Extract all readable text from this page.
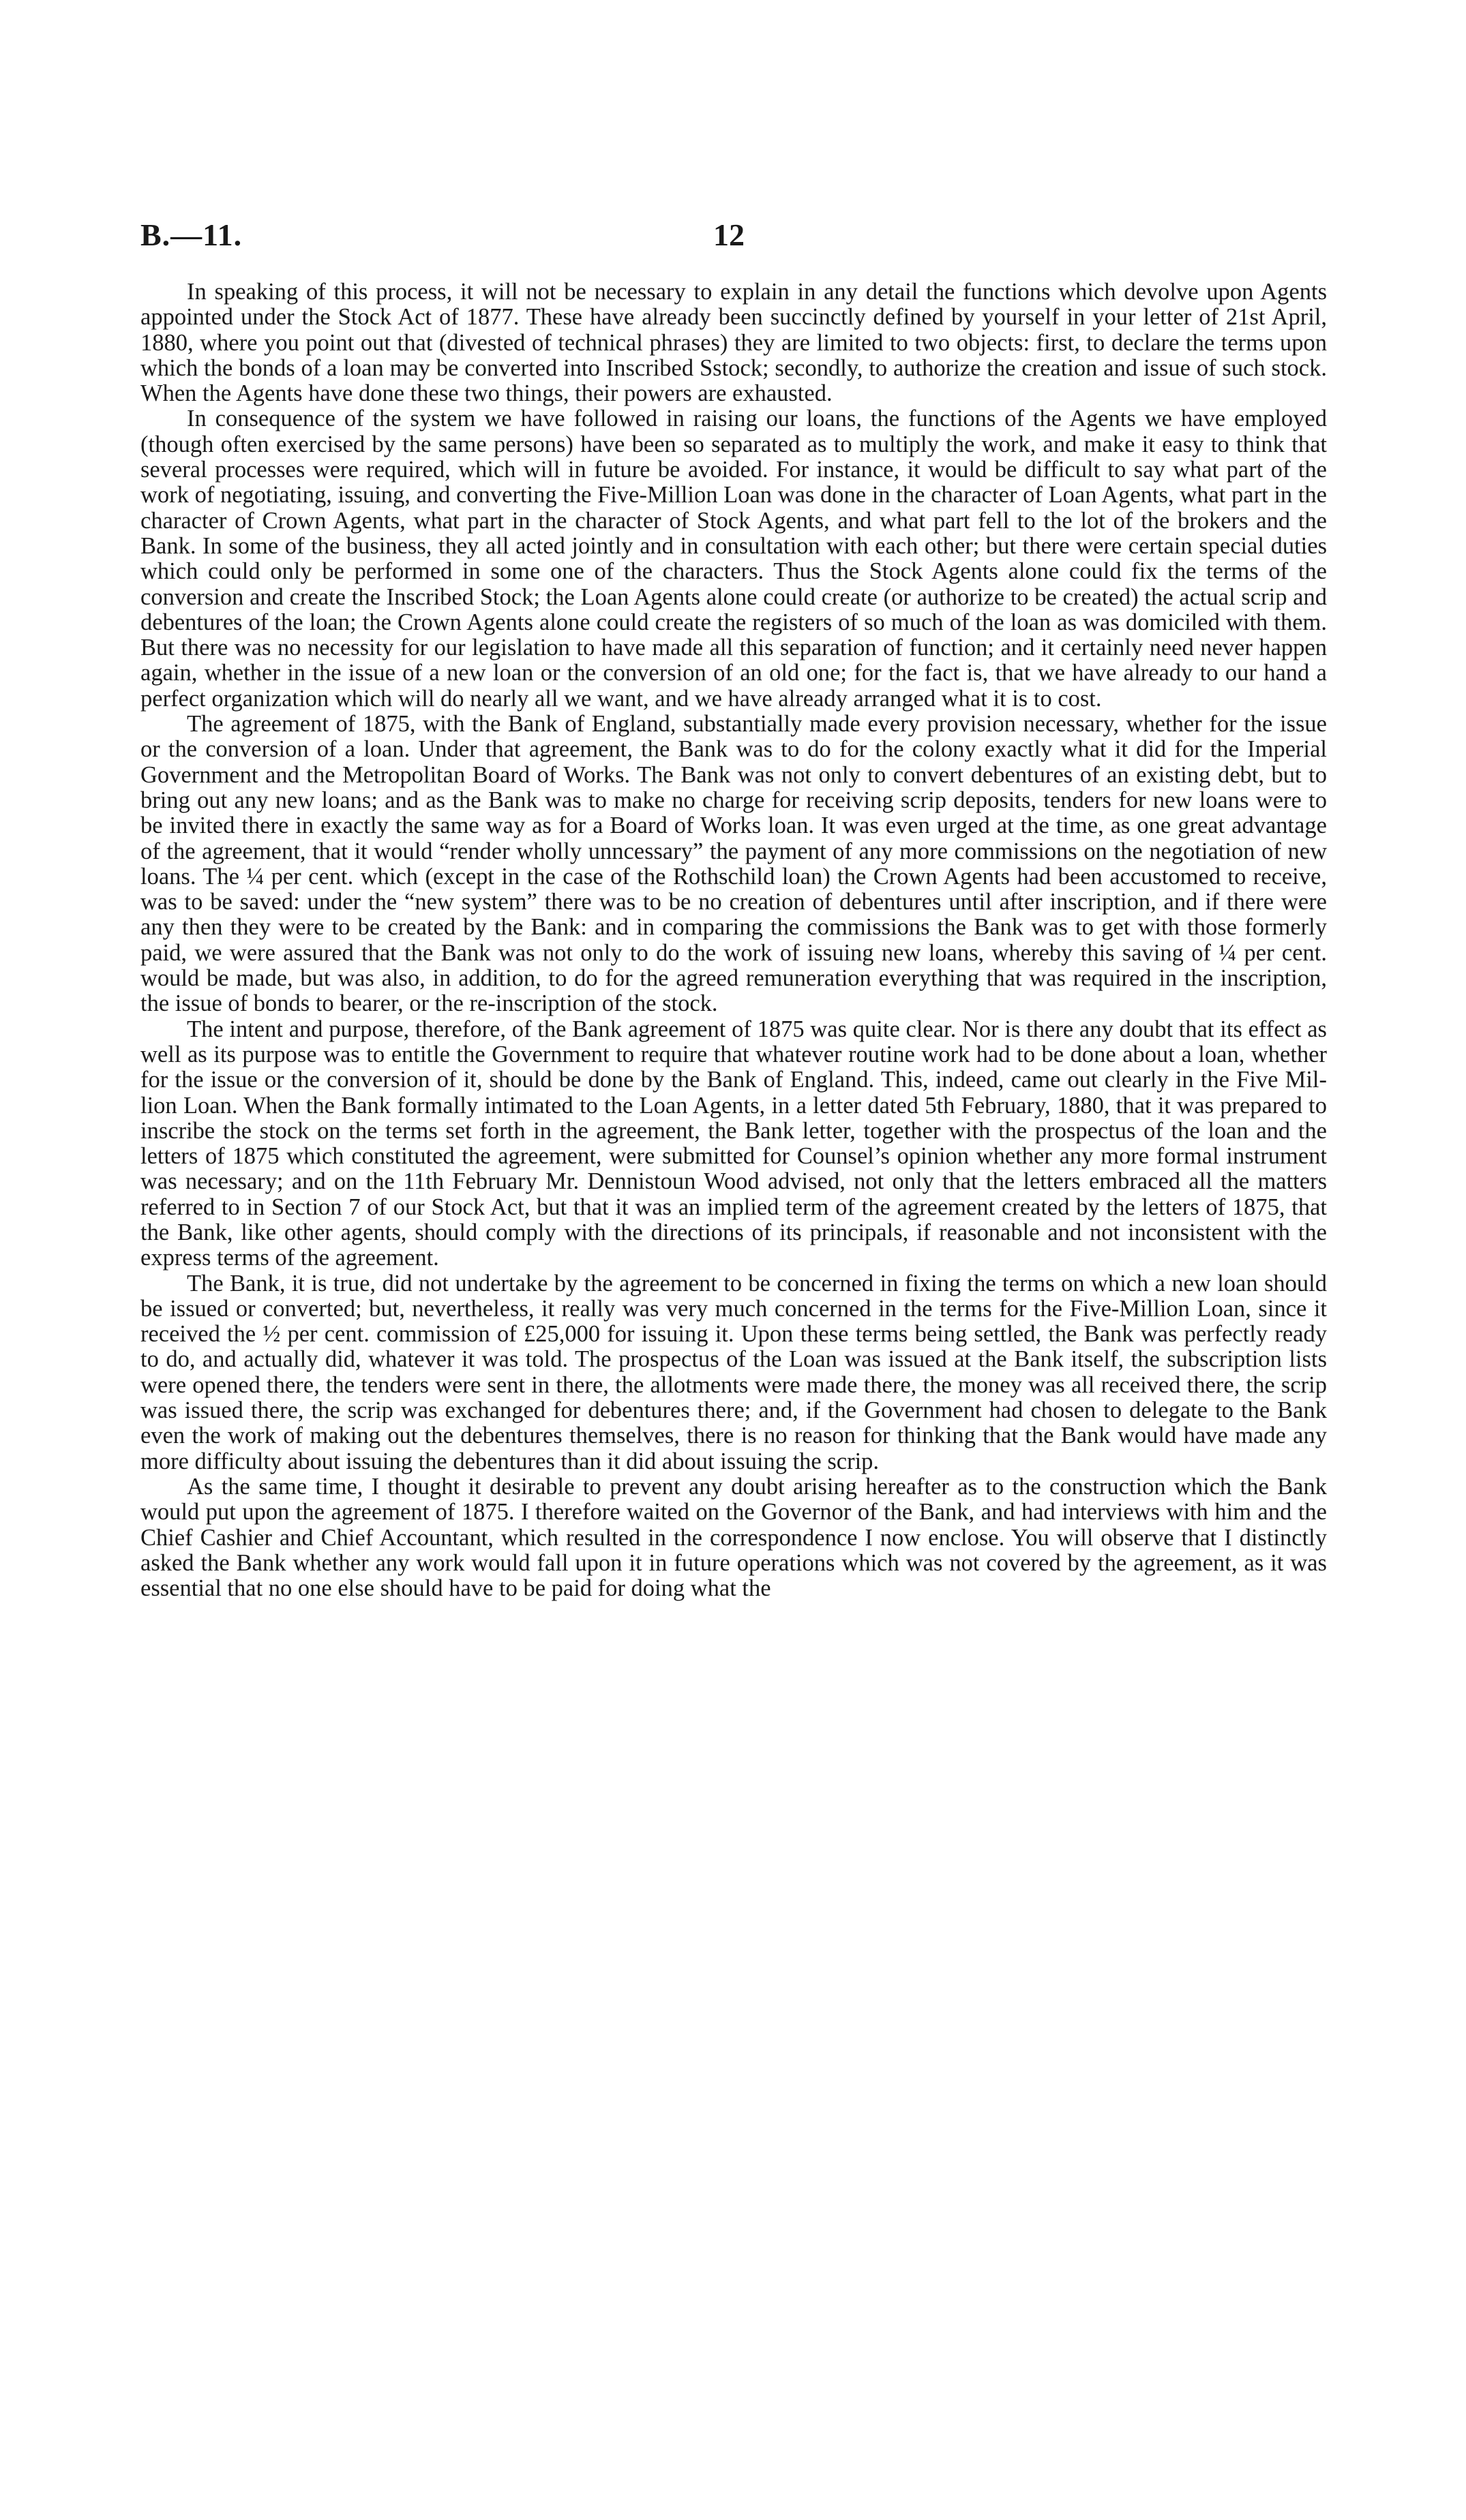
B.—11.	12

In speaking of this process, it will not be necessary to explain in any detail the functions which devolve upon Agents appointed under the Stock Act of 1877. These have already been succinctly defined by yourself in your letter of 21st April, 1880, where you point out that (divested of technical phrases) they are limited to two objects: first, to declare the terms upon which the bonds of a loan may be converted into Inscribed Sstock; secondly, to authorize the creation and issue of such stock. When the Agents have done these two things, their powers are exhausted.

In consequence of the system we have followed in raising our loans, the functions of the Agents we have employed (though often exercised by the same persons) have been so separated as to multiply the work, and make it easy to think that several processes were required, which will in future be avoided. For instance, it would be difficult to say what part of the work of negotiating, issuing, and converting the Five-Million Loan was done in the character of Loan Agents, what part in the character of Crown Agents, what part in the character of Stock Agents, and what part fell to the lot of the brokers and the Bank. In some of the business, they all acted jointly and in consultation with each other; but there were certain special duties which could only be performed in some one of the characters. Thus the Stock Agents alone could fix the terms of the conversion and create the Inscribed Stock; the Loan Agents alone could create (or authorize to be created) the actual scrip and debentures of the loan; the Crown Agents alone could create the registers of so much of the loan as was domiciled with them. But there was no necessity for our legislation to have made all this separation of function; and it certainly need never happen again, whether in the issue of a new loan or the conversion of an old one; for the fact is, that we have already to our hand a perfect organization which will do nearly all we want, and we have already arranged what it is to cost.

The agreement of 1875, with the Bank of England, substantially made every provision necessary, whether for the issue or the conversion of a loan. Under that agreement, the Bank was to do for the colony exactly what it did for the Imperial Government and the Metropolitan Board of Works. The Bank was not only to convert debentures of an existing debt, but to bring out any new loans; and as the Bank was to make no charge for receiving scrip deposits, tenders for new loans were to be invited there in exactly the same way as for a Board of Works loan. It was even urged at the time, as one great advantage of the agreement, that it would “render wholly unncessary” the payment of any more commissions on the negotiation of new loans. The ¼ per cent. which (except in the case of the Rothschild loan) the Crown Agents had been accustomed to receive, was to be saved: under the “new system” there was to be no creation of debentures until after inscription, and if there were any then they were to be created by the Bank: and in comparing the commissions the Bank was to get with those formerly paid, we were assured that the Bank was not only to do the work of issuing new loans, whereby this saving of ¼ per cent. would be made, but was also, in addition, to do for the agreed remuneration everything that was required in the inscription, the issue of bonds to bearer, or the re-inscription of the stock.

The intent and purpose, therefore, of the Bank agreement of 1875 was quite clear. Nor is there any doubt that its effect as well as its purpose was to entitle the Government to require that whatever routine work had to be done about a loan, whether for the issue or the conversion of it, should be done by the Bank of England. This, indeed, came out clearly in the Five Million Loan. When the Bank formally intimated to the Loan Agents, in a letter dated 5th February, 1880, that it was prepared to inscribe the stock on the terms set forth in the agreement, the Bank letter, together with the prospectus of the loan and the letters of 1875 which constituted the agreement, were submitted for Counsel’s opinion whether any more formal instrument was necessary; and on the 11th February Mr. Dennistoun Wood advised, not only that the letters embraced all the matters referred to in Section 7 of our Stock Act, but that it was an implied term of the agreement created by the letters of 1875, that the Bank, like other agents, should comply with the directions of its principals, if reasonable and not inconsistent with the express terms of the agreement.

The Bank, it is true, did not undertake by the agreement to be concerned in fixing the terms on which a new loan should be issued or converted; but, nevertheless, it really was very much concerned in the terms for the Five-Million Loan, since it received the ½ per cent. commission of £25,000 for issuing it. Upon these terms being settled, the Bank was perfectly ready to do, and actually did, whatever it was told. The prospectus of the Loan was issued at the Bank itself, the subscription lists were opened there, the tenders were sent in there, the allotments were made there, the money was all received there, the scrip was issued there, the scrip was exchanged for debentures there; and, if the Government had chosen to delegate to the Bank even the work of making out the debentures themselves, there is no reason for thinking that the Bank would have made any more difficulty about issuing the debentures than it did about issuing the scrip.

As the same time, I thought it desirable to prevent any doubt arising hereafter as to the construction which the Bank would put upon the agreement of 1875. I therefore waited on the Governor of the Bank, and had interviews with him and the Chief Cashier and Chief Accountant, which resulted in the correspondence I now enclose. You will observe that I distinctly asked the Bank whether any work would fall upon it in future operations which was not covered by the agreement, as it was essential that no one else should have to be paid for doing what the
